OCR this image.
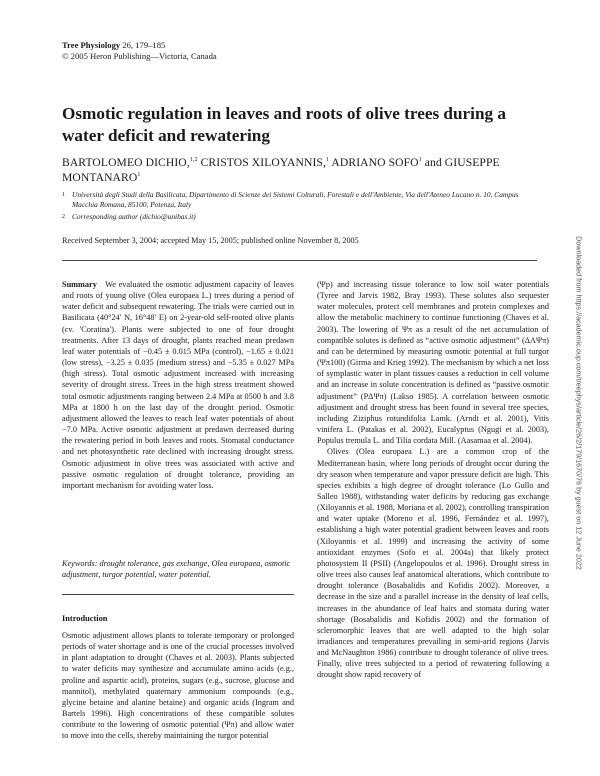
Tree Physiology 26, 179–185
© 2005 Heron Publishing—Victoria, Canada
Osmotic regulation in leaves and roots of olive trees during a water deficit and rewatering
BARTOLOMEO DICHIO,$^{1,2}$ CRISTOS XILOYANNIS,$^1$ ADRIANO SOFO$^1$ and GIUSEPPE MONTANARO$^1$
1 Università degli Studi della Basilicata, Dipartimento di Scienze dei Sistemi Colturali, Forestali e dell'Ambiente, Via dell'Ateneo Lucano n. 10, Campus Macchia Romana, 85100, Potenza, Italy
2 Corresponding author (dichio@unibas.it)
Received September 3, 2004; accepted May 15, 2005; published online November 8, 2005

Summary We evaluated the osmotic adjustment capacity of leaves and roots of young olive (Olea europaea L.) trees during a period of water deficit and subsequent rewatering. The trials were carried out in Basilicata (40°24′ N, 16°48′ E) on 2-year-old self-rooted olive plants (cv. 'Coratina'). Plants were subjected to one of four drought treatments. After 13 days of drought, plants reached mean predawn leaf water potentials of −0.45 ± 0.015 MPa (control), −1.65 ± 0.021 (low stress), −3.25 ± 0.035 (medium stress) and −5.35 ± 0.027 MPa (high stress). Total osmotic adjustment increased with increasing severity of drought stress. Trees in the high stress treatment showed total osmotic adjustments ranging between 2.4 MPa at 0500 h and 3.8 MPa at 1800 h on the last day of the drought period. Osmotic adjustment allowed the leaves to reach leaf water potentials of about −7.0 MPa. Active osmotic adjustment at predawn decreased during the rewatering period in both leaves and roots. Stomatal conductance and net photosynthetic rate declined with increasing drought stress. Osmotic adjustment in olive trees was associated with active and passive osmotic regulation of drought tolerance, providing an important mechanism for avoiding water loss.

Keywords: drought tolerance, gas exchange, Olea europaea, osmotic adjustment, turgor potential, water potential.
Introduction
Osmotic adjustment allows plants to tolerate temporary or prolonged periods of water shortage and is one of the crucial processes involved in plant adaptation to drought (Chaves et al. 2003). Plants subjected to water deficits may synthesize and accumulate amino acids (e.g., proline and aspartic acid), proteins, sugars (e.g., sucrose, glucose and mannitol), methylated quaternary ammonium compounds (e.g., glycine betaine and alanine betaine) and organic acids (Ingram and Bartels 1996). High concentrations of these compatible solutes contribute to the lowering of osmotic potential (Ψπ) and allow water to move into the cells, thereby maintaining the turgor potential

(Ψp) and increasing tissue tolerance to low soil water potentials (Tyree and Jarvis 1982, Bray 1993). These solutes also sequester water molecules, protect cell membranes and protein complexes and allow the metabolic machinery to continue functioning (Chaves et al. 2003). The lowering of Ψπ as a result of the net accumulation of compatible solutes is defined as “active osmotic adjustment” (ΔAΨπ) and can be determined by measuring osmotic potential at full turgor (Ψπ100) (Girma and Krieg 1992). The mechanism by which a net loss of symplastic water in plant tissues causes a reduction in cell volume and an increase in solute concentration is defined as “passive osmotic adjustment” (PΔΨπ) (Lakso 1985). A correlation between osmotic adjustment and drought stress has been found in several tree species, including Ziziphus rotundifolia Lamk. (Arndt et al. 2001), Vitis vinifera L. (Patakas et al. 2002), Eucalyptus (Ngugi et al. 2003), Populus tremula L. and Tilia cordata Mill. (Aasamaa et al. 2004).

Olives (Olea europaea L.) are a common crop of the Mediterranean basin, where long periods of drought occur during the dry season when temperature and vapor pressure deficit are high. This species exhibits a high degree of drought tolerance (Lo Gullo and Salleo 1988), withstanding water deficits by reducing gas exchange (Xiloyannis et al. 1988, Moriana et al. 2002), controlling transpiration and water uptake (Moreno et al. 1996, Fernández et al. 1997), establishing a high water potential gradient between leaves and roots (Xiloyannis et al. 1999) and increasing the activity of some antioxidant enzymes (Sofo et al. 2004a) that likely protect photosystem II (PSII) (Angelopoulos et al. 1996). Drought stress in olive trees also causes leaf anatomical alterations, which contribute to drought tolerance (Bosabalidis and Kofidis 2002). Moreover, a decrease in the size and a parallel increase in the density of leaf cells, increases in the abundance of leaf hairs and stomata during water shortage (Bosabalidis and Kofidis 2002) and the formation of scleromorphic leaves that are well adapted to the high solar irradiances and temperatures prevailing in semi-arid regions (Jarvis and McNaughton 1986) contribute to drought tolerance of olive trees. Finally, olive trees subjected to a period of rewatering following a drought show rapid recovery of

Downloaded from https://academic.oup.com/treephys/article/26/2/179/1670/76 by guest on 12 June 2022
